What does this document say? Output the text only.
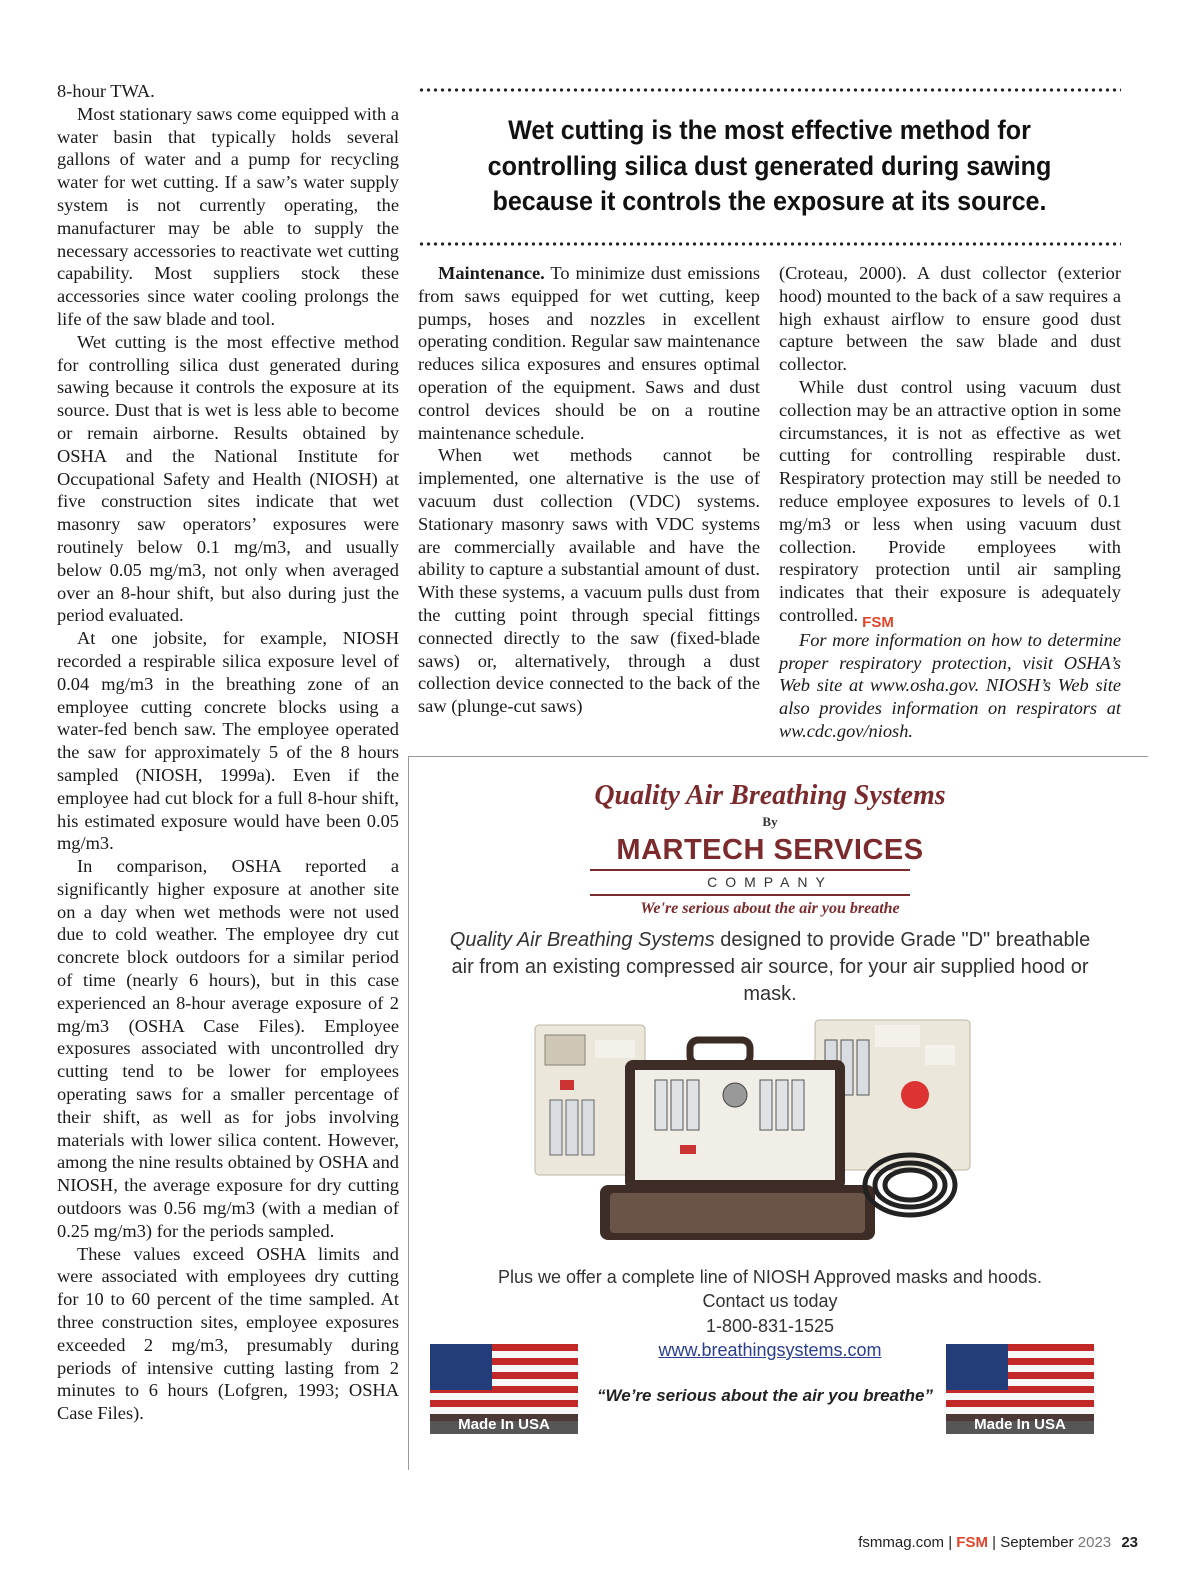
8-hour TWA.

Most stationary saws come equipped with a water basin that typically holds several gallons of water and a pump for recycling water for wet cutting. If a saw’s water supply system is not currently operating, the manufacturer may be able to supply the necessary accessories to reactivate wet cutting capability. Most suppliers stock these accessories since water cooling prolongs the life of the saw blade and tool.

Wet cutting is the most effective method for controlling silica dust generated during sawing because it controls the exposure at its source. Dust that is wet is less able to become or remain airborne. Results obtained by OSHA and the National Institute for Occupational Safety and Health (NIOSH) at five construction sites indicate that wet masonry saw operators’ exposures were routinely below 0.1 mg/m3, and usually below 0.05 mg/m3, not only when averaged over an 8-hour shift, but also during just the period evaluated.

At one jobsite, for example, NIOSH recorded a respirable silica exposure level of 0.04 mg/m3 in the breathing zone of an employee cutting concrete blocks using a water-fed bench saw. The employee operated the saw for approximately 5 of the 8 hours sampled (NIOSH, 1999a). Even if the employee had cut block for a full 8-hour shift, his estimated exposure would have been 0.05 mg/m3.

In comparison, OSHA reported a significantly higher exposure at another site on a day when wet methods were not used due to cold weather. The employee dry cut concrete block outdoors for a similar period of time (nearly 6 hours), but in this case experienced an 8-hour average exposure of 2 mg/m3 (OSHA Case Files). Employee exposures associated with uncontrolled dry cutting tend to be lower for employees operating saws for a smaller percentage of their shift, as well as for jobs involving materials with lower silica content. However, among the nine results obtained by OSHA and NIOSH, the average exposure for dry cutting outdoors was 0.56 mg/m3 (with a median of 0.25 mg/m3) for the periods sampled.

These values exceed OSHA limits and were associated with employees dry cutting for 10 to 60 percent of the time sampled. At three construction sites, employee exposures exceeded 2 mg/m3, presumably during periods of intensive cutting lasting from 2 minutes to 6 hours (Lofgren, 1993; OSHA Case Files).

Wet cutting is the most effective method for controlling silica dust generated during sawing because it controls the exposure at its source.

Maintenance. To minimize dust emissions from saws equipped for wet cutting, keep pumps, hoses and nozzles in excellent operating condition. Regular saw maintenance reduces silica exposures and ensures optimal operation of the equipment. Saws and dust control devices should be on a routine maintenance schedule.

When wet methods cannot be implemented, one alternative is the use of vacuum dust collection (VDC) systems. Stationary masonry saws with VDC systems are commercially available and have the ability to capture a substantial amount of dust. With these systems, a vacuum pulls dust from the cutting point through special fittings connected directly to the saw (fixed-blade saws) or, alternatively, through a dust collection device connected to the back of the saw (plunge-cut saws)

(Croteau, 2000). A dust collector (exterior hood) mounted to the back of a saw requires a high exhaust airflow to ensure good dust capture between the saw blade and dust collector.

While dust control using vacuum dust collection may be an attractive option in some circumstances, it is not as effective as wet cutting for controlling respirable dust. Respiratory protection may still be needed to reduce employee exposures to levels of 0.1 mg/m3 or less when using vacuum dust collection. Provide employees with respiratory protection until air sampling indicates that their exposure is adequately controlled. $_{FSM}$

For more information on how to determine proper respiratory protection, visit OSHA’s Web site at www.osha.gov. NIOSH’s Web site also provides information on respirators at ww.cdc.gov/niosh.

Quality Air Breathing Systems
By
MARTECH SERVICES
COMPANY
We're serious about the air you breathe
Quality Air Breathing Systems designed to provide Grade "D" breathable air from an existing compressed air source, for your air supplied hood or mask.
Plus we offer a complete line of NIOSH Approved masks and hoods.
Contact us today
1-800-831-1525
www.breathingsystems.com
Made In USA
“We’re serious about the air you breathe”
Made In USA
fsmmag.com | FSM | September 2023 23
